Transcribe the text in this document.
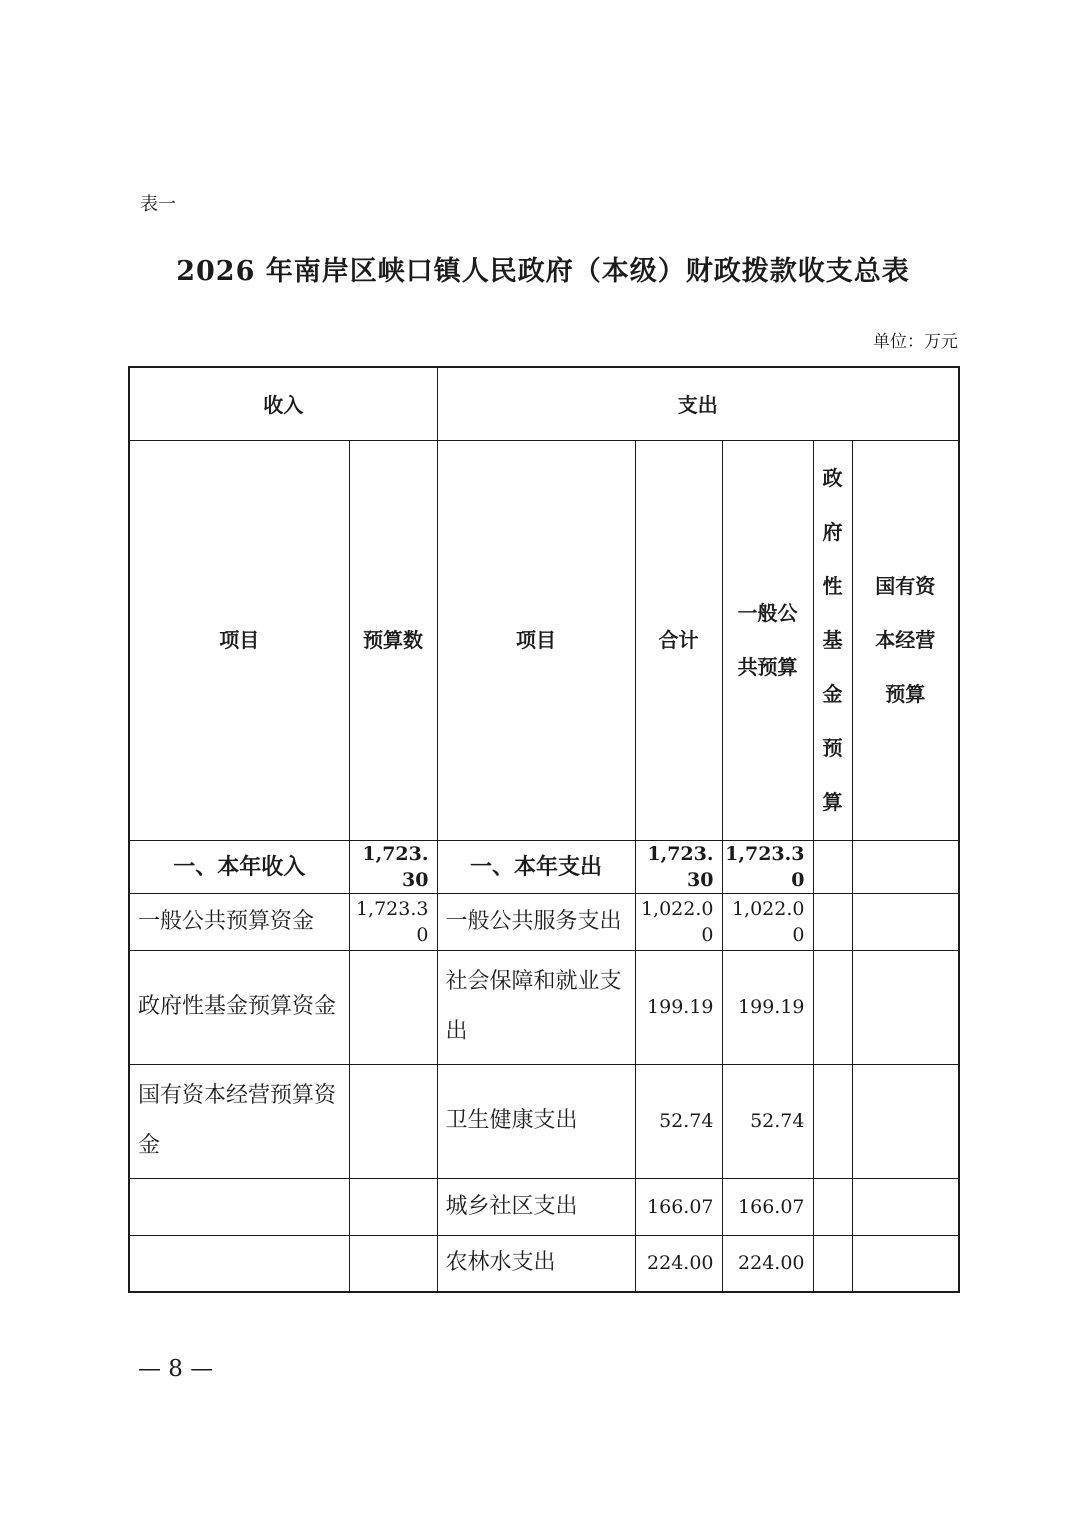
表一
2026 年南岸区峡口镇人民政府（本级）财政拨款收支总表
单位：万元
收入		支出				
项目	预算数	项目	合计	一般公共预算	政府性基金预算	国有资本经营预算
一、本年收入	1,723.30	一、本年支出	1,723.30	1,723.30		
一般公共预算资金	1,723.30	一般公共服务支出	1,022.00	1,022.00		
政府性基金预算资金		社会保障和就业支出	199.19	199.19		
国有资本经营预算资金		卫生健康支出	52.74	52.74		
		城乡社区支出	166.07	166.07		
		农林水支出	224.00	224.00		
— 8 —
